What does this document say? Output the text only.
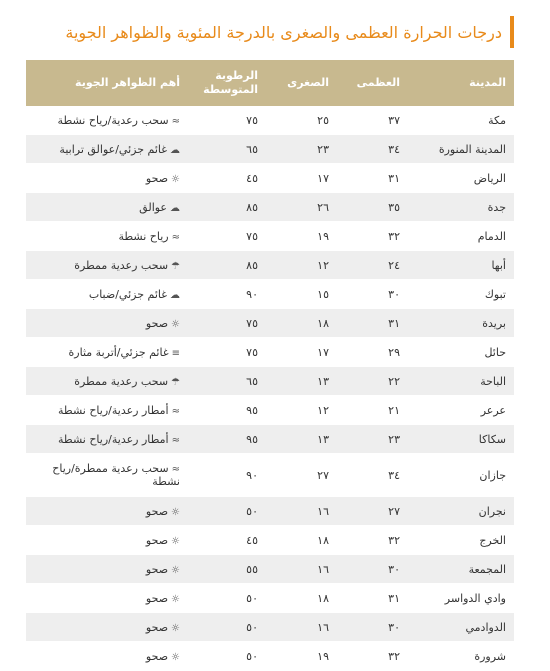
درجات الحرارة العظمى والصغرى بالدرجة المئوية والظواهر الجوية
المدينة	العظمى	الصغرى	الرطوبة المتوسطة	أهم الظواهر الجوية
مكة	٣٧	٢٥	٧٥	≈سحب رعدية/رياح نشطة
المدينة المنورة	٣٤	٢٣	٦٥	☁غائم جزئي/عوالق ترابية
الرياض	٣١	١٧	٤٥	☼صحو
جدة	٣٥	٢٦	٨٥	☁عوالق
الدمام	٣٢	١٩	٧٥	≈رياح نشطة
أبها	٢٤	١٢	٨٥	☂سحب رعدية ممطرة
تبوك	٣٠	١٥	٩٠	☁غائم جزئي/ضباب
بريدة	٣١	١٨	٧٥	☼صحو
حائل	٢٩	١٧	٧٥	≡غائم جزئي/أتربة مثارة
الباحة	٢٢	١٣	٦٥	☂سحب رعدية ممطرة
عرعر	٢١	١٢	٩٥	≈أمطار رعدية/رياح نشطة
سكاكا	٢٣	١٣	٩٥	≈أمطار رعدية/رياح نشطة
جازان	٣٤	٢٧	٩٠	≈سحب رعدية ممطرة/رياح نشطة
نجران	٢٧	١٦	٥٠	☼صحو
الخرج	٣٢	١٨	٤٥	☼صحو
المجمعة	٣٠	١٦	٥٥	☼صحو
وادي الدواسر	٣١	١٨	٥٠	☼صحو
الدوادمي	٣٠	١٦	٥٠	☼صحو
شرورة	٣٢	١٩	٥٠	☼صحو
